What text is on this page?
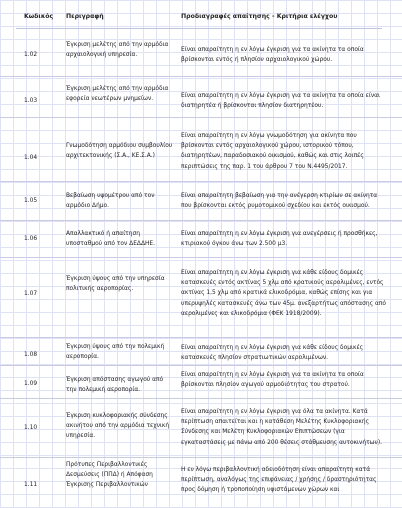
Κωδικός Περιγραφή	Προδιαγραφές απαίτησης - Κριτήρια ελέγχου
1.02
Έγκριση μελέτης από την αρμόδια αρχαιολογική υπηρεσία.
Είναι απαραίτητη η εν λόγω έγκριση για τα ακίνητα τα οποία βρίσκονται εντός ή πλησίον αρχαιολογικού χώρου.
1.03
Έγκριση μελέτης από την αρμόδια εφορεία νεωτέρων μνημείων.
Είναι απαραίτητη η εν λόγω έγκριση για τα ακίνητα τα οποία είναι διατηρητέα ή βρίσκονται πλησίον διατηρητέου.
1.04
Γνωμοδότηση αρμόδιου συμβουλίου αρχιτεκτονικής (Σ.Α., ΚΕ.Σ.Α.)
Είναι απαραίτητη η εν λόγω γνωμοδότηση για ακίνητα που βρίσκονται εντός αρχαιολογικού χώρου, ιστορικού τόπου, διατηρητέων, παραδοσιακού οικισμού, καθώς και στις λοιπές περιπτώσεις της παρ. 1 του άρθρου 7 του Ν.4495/2017.
1.05
Βεβαίωση υψομέτρου από τον αρμόδιο Δήμο.
Είναι απαραίτητη βεβαίωση για την ανέγερση κτιρίων σε ακίνητα που βρίσκονται εκτός ρυμοτομικού σχεδίου και εκτός οικισμού.
1.06
Απαλλακτικό ή απαίτηση υποσταθμού από τον ΔΕΔΔΗΕ.
Είναι απαραίτητη η εν λόγω έγκριση για ανεγέρσεις ή προσθήκες, κτιριακού όγκου άνω των 2.500 μ3.
1.07
Έγκριση ύψους από την υπηρεσία πολιτικής αεροπορίας.
Είναι απαραίτητη η εν λόγω έγκριση για κάθε είδους δομικές κατασκευές εντός ακτίνας 5 χλμ από κρατικούς αερολιμένες, εντός ακτίνας 1,5 χλμ από κρατικά ελικοδρόμια, καθώς επίσης και για υπερυψηλές κατασκευές άνω των 45μ. ανεξαρτήτως απόστασης από αερολιμένες και ελικοδρόμια (ΦΕΚ 1918/2009).
1.08
Έγκριση ύψους από την πολεμική αεροπορία.
Είναι απαραίτητη η εν λόγω έγκριση για κάθε είδους δομικές κατασκευές πλησίον στρατιωτικών αερολιμένων.
1.09
Έγκριση απόστασης αγωγού από την πολεμική αεροπορία.
Είναι απαραίτητη η εν λόγω έγκριση για τα ακίνητα τα οποία βρίσκονται πλησίον αγωγού αρμοδιότητας του στρατού.
1.10
Έγκριση κυκλοφοριακής σύνδεσης ακινήτου από την αρμόδια τεχνική υπηρεσία.
Είναι απαραίτητη η εν λόγω έγκριση για όλα τα ακίνητα. Κατά περίπτωση απαιτείται και η κατάθεση Μελέτης Κυκλοφοριακής Σύνδεσης και Μελέτη Κυκλοφοριακών Επιπτώσεων (για εγκαταστάσεις με πάνω από 200 θέσεις στάθμευσης αυτοκινήτων).
1.11
Πρότυπες Περιβαλλοντικές Δεσμεύσεις (ΠΠΔ) ή Απόφαση Έγκρισης Περιβαλλοντικών
Η εν λόγω περιβαλλοντική αδειοδότηση είναι απαραίτητη κατά περίπτωση, αναλόγως της επιφάνειας / χρήσης / δραστηριότητας προς δόμηση ή τροποποίηση υφιστάμενων χώρων και
